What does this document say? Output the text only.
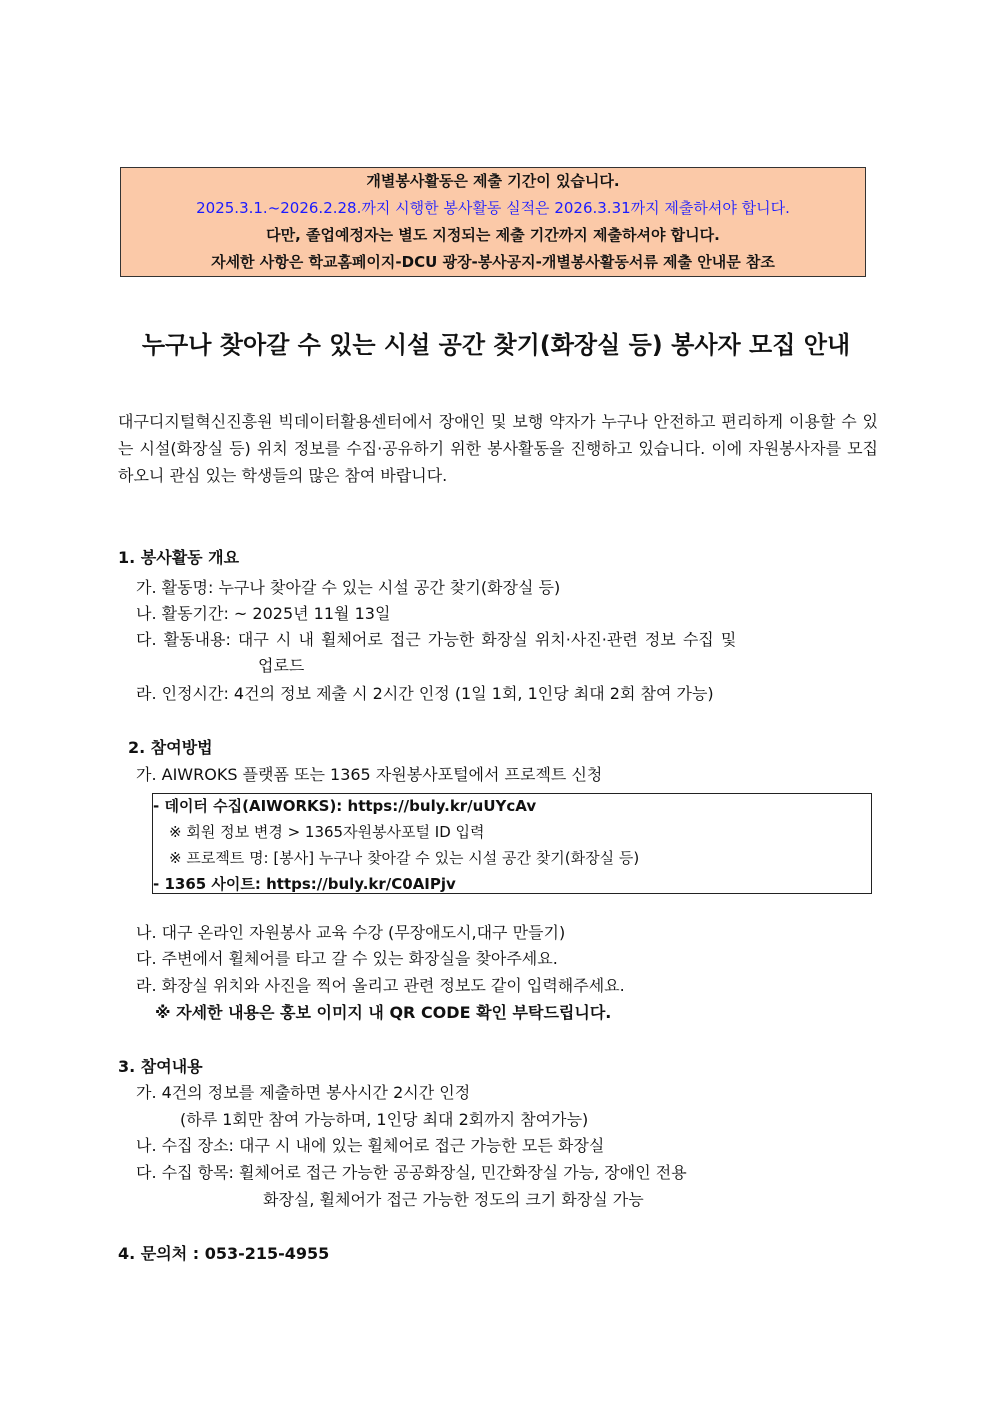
개별봉사활동은 제출 기간이 있습니다.
2025.3.1.~2026.2.28.까지 시행한 봉사활동 실적은 2026.3.31까지 제출하셔야 합니다.
다만, 졸업예정자는 별도 지정되는 제출 기간까지 제출하셔야 합니다.
자세한 사항은 학교홈페이지-DCU 광장-봉사공지-개별봉사활동서류 제출 안내문 참조
누구나 찾아갈 수 있는 시설 공간 찾기(화장실 등) 봉사자 모집 안내
대구디지털혁신진흥원 빅데이터활용센터에서 장애인 및 보행 약자가 누구나 안전하고 편리하게 이용할 수 있는 시설(화장실 등) 위치 정보를 수집·공유하기 위한 봉사활동을 진행하고 있습니다. 이에 자원봉사자를 모집하오니 관심 있는 학생들의 많은 참여 바랍니다.
1. 봉사활동 개요
가. 활동명: 누구나 찾아갈 수 있는 시설 공간 찾기(화장실 등)
나. 활동기간: ~ 2025년 11월 13일
다. 활동내용: 대구 시 내 휠체어로 접근 가능한 화장실 위치·사진·관련 정보 수집 및
업로드
라. 인정시간: 4건의 정보 제출 시 2시간 인정 (1일 1회, 1인당 최대 2회 참여 가능)
2. 참여방법
가. AIWROKS 플랫폼 또는 1365 자원봉사포털에서 프로젝트 신청
- 데이터 수집(AIWORKS): https://buly.kr/uUYcAv
※ 회원 정보 변경 > 1365자원봉사포털 ID 입력
※ 프로젝트 명: [봉사] 누구나 찾아갈 수 있는 시설 공간 찾기(화장실 등)
- 1365 사이트: https://buly.kr/C0AIPjv
나. 대구 온라인 자원봉사 교육 수강 (무장애도시,대구 만들기)
다. 주변에서 휠체어를 타고 갈 수 있는 화장실을 찾아주세요.
라. 화장실 위치와 사진을 찍어 올리고 관련 정보도 같이 입력해주세요.
※ 자세한 내용은 홍보 이미지 내 QR CODE 확인 부탁드립니다.
3. 참여내용
가. 4건의 정보를 제출하면 봉사시간 2시간 인정
(하루 1회만 참여 가능하며, 1인당 최대 2회까지 참여가능)
나. 수집 장소: 대구 시 내에 있는 휠체어로 접근 가능한 모든 화장실
다. 수집 항목: 휠체어로 접근 가능한 공공화장실, 민간화장실 가능, 장애인 전용
화장실, 휠체어가 접근 가능한 정도의 크기 화장실 가능
4. 문의처 : 053-215-4955
